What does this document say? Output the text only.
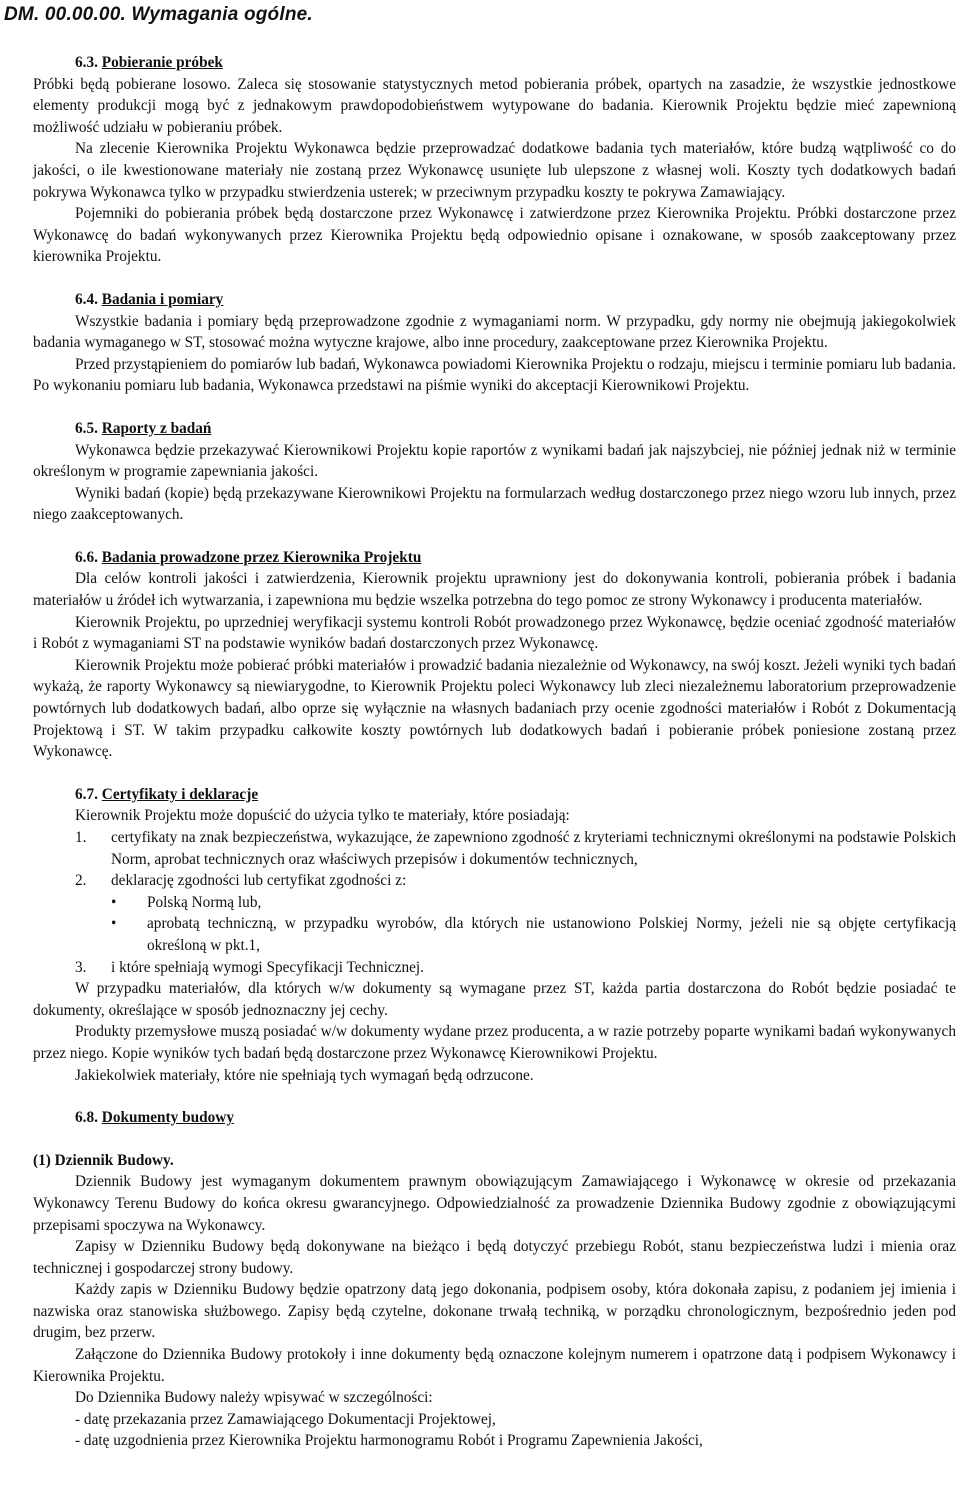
DM. 00.00.00. Wymagania ogólne.
6.3. Pobieranie próbek

Próbki będą pobierane losowo. Zaleca się stosowanie statystycznych metod pobierania próbek, opartych na zasadzie, że wszystkie jednostkowe elementy produkcji mogą być z jednakowym prawdopodobieństwem wytypowane do badania. Kierownik Projektu będzie mieć zapewnioną możliwość udziału w pobieraniu próbek.

Na zlecenie Kierownika Projektu Wykonawca będzie przeprowadzać dodatkowe badania tych materiałów, które budzą wątpliwość co do jakości, o ile kwestionowane materiały nie zostaną przez Wykonawcę usunięte lub ulepszone z własnej woli. Koszty tych dodatkowych badań pokrywa Wykonawca tylko w przypadku stwierdzenia usterek; w przeciwnym przypadku koszty te pokrywa Zamawiający.

Pojemniki do pobierania próbek będą dostarczone przez Wykonawcę i zatwierdzone przez Kierownika Projektu. Próbki dostarczone przez Wykonawcę do badań wykonywanych przez Kierownika Projektu będą odpowiednio opisane i oznakowane, w sposób zaakceptowany przez kierownika Projektu.

6.4. Badania i pomiary

Wszystkie badania i pomiary będą przeprowadzone zgodnie z wymaganiami norm. W przypadku, gdy normy nie obejmują jakiegokolwiek badania wymaganego w ST, stosować można wytyczne krajowe, albo inne procedury, zaakceptowane przez Kierownika Projektu.

Przed przystąpieniem do pomiarów lub badań, Wykonawca powiadomi Kierownika Projektu o rodzaju, miejscu i terminie pomiaru lub badania. Po wykonaniu pomiaru lub badania, Wykonawca przedstawi na piśmie wyniki do akceptacji Kierownikowi Projektu.

6.5. Raporty z badań

Wykonawca będzie przekazywać Kierownikowi Projektu kopie raportów z wynikami badań jak najszybciej, nie później jednak niż w terminie określonym w programie zapewniania jakości.

Wyniki badań (kopie) będą przekazywane Kierownikowi Projektu na formularzach według dostarczonego przez niego wzoru lub innych, przez niego zaakceptowanych.

6.6. Badania prowadzone przez Kierownika Projektu

Dla celów kontroli jakości i zatwierdzenia, Kierownik projektu uprawniony jest do dokonywania kontroli, pobierania próbek i badania materiałów u źródeł ich wytwarzania, i zapewniona mu będzie wszelka potrzebna do tego pomoc ze strony Wykonawcy i producenta materiałów.

Kierownik Projektu, po uprzedniej weryfikacji systemu kontroli Robót prowadzonego przez Wykonawcę, będzie oceniać zgodność materiałów i Robót z wymaganiami ST na podstawie wyników badań dostarczonych przez Wykonawcę.

Kierownik Projektu może pobierać próbki materiałów i prowadzić badania niezależnie od Wykonawcy, na swój koszt. Jeżeli wyniki tych badań wykażą, że raporty Wykonawcy są niewiarygodne, to Kierownik Projektu poleci Wykonawcy lub zleci niezależnemu laboratorium przeprowadzenie powtórnych lub dodatkowych badań, albo oprze się wyłącznie na własnych badaniach przy ocenie zgodności materiałów i Robót z Dokumentacją Projektową i ST. W takim przypadku całkowite koszty powtórnych lub dodatkowych badań i pobieranie próbek poniesione zostaną przez Wykonawcę.

6.7. Certyfikaty i deklaracje

Kierownik Projektu może dopuścić do użycia tylko te materiały, które posiadają:

1.	certyfikaty na znak bezpieczeństwa, wykazujące, że zapewniono zgodność z kryteriami technicznymi określonymi na podstawie Polskich Norm, aprobat technicznych oraz właściwych przepisów i dokumentów technicznych,
2.	deklarację zgodności lub certyfikat zgodności z:
•	Polską Normą lub,
•	aprobatą techniczną, w przypadku wyrobów, dla których nie ustanowiono Polskiej Normy, jeżeli nie są objęte certyfikacją określoną w pkt.1,
3.	i które spełniają wymogi Specyfikacji Technicznej.

W przypadku materiałów, dla których w/w dokumenty są wymagane przez ST, każda partia dostarczona do Robót będzie posiadać te dokumenty, określające w sposób jednoznaczny jej cechy.

Produkty przemysłowe muszą posiadać w/w dokumenty wydane przez producenta, a w razie potrzeby poparte wynikami badań wykonywanych przez niego. Kopie wyników tych badań będą dostarczone przez Wykonawcę Kierownikowi Projektu.

Jakiekolwiek materiały, które nie spełniają tych wymagań będą odrzucone.

6.8. Dokumenty budowy

(1) Dziennik Budowy.

Dziennik Budowy jest wymaganym dokumentem prawnym obowiązującym Zamawiającego i Wykonawcę w okresie od przekazania Wykonawcy Terenu Budowy do końca okresu gwarancyjnego. Odpowiedzialność za prowadzenie Dziennika Budowy zgodnie z obowiązującymi przepisami spoczywa na Wykonawcy.

Zapisy w Dzienniku Budowy będą dokonywane na bieżąco i będą dotyczyć przebiegu Robót, stanu bezpieczeństwa ludzi i mienia oraz technicznej i gospodarczej strony budowy.

Każdy zapis w Dzienniku Budowy będzie opatrzony datą jego dokonania, podpisem osoby, która dokonała zapisu, z podaniem jej imienia i nazwiska oraz stanowiska służbowego. Zapisy będą czytelne, dokonane trwałą techniką, w porządku chronologicznym, bezpośrednio jeden pod drugim, bez przerw.

Załączone do Dziennika Budowy protokoły i inne dokumenty będą oznaczone kolejnym numerem i opatrzone datą i podpisem Wykonawcy i Kierownika Projektu.

Do Dziennika Budowy należy wpisywać w szczególności:

- datę przekazania przez Zamawiającego Dokumentacji Projektowej,

- datę uzgodnienia przez Kierownika Projektu harmonogramu Robót i Programu Zapewnienia Jakości,
